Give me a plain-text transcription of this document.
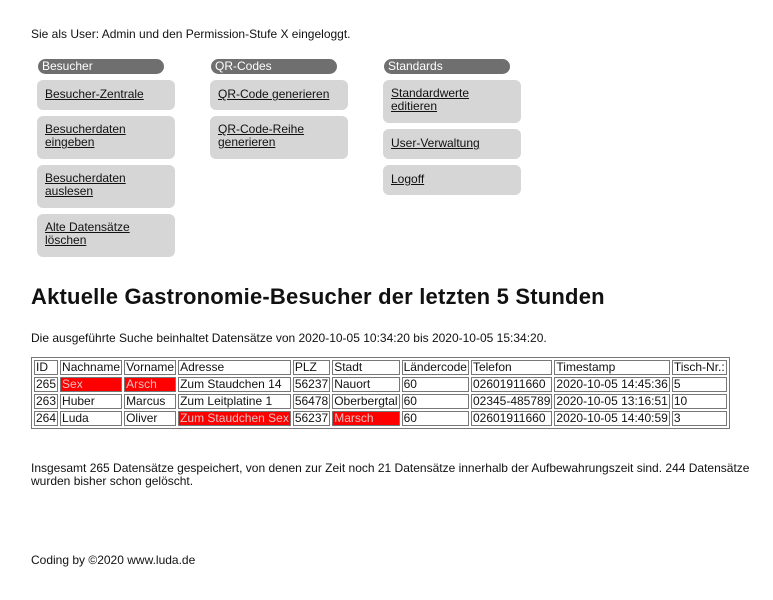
Sie als User: Admin und den Permission-Stufe X eingeloggt.
Besucher
Besucher-Zentrale
Besucherdaten eingeben
Besucherdaten auslesen
Alte Datensätze löschen
QR-Codes
QR-Code generieren
QR-Code-Reihe generieren
Standards
Standardwerte editieren
User-Verwaltung
Logoff
Aktuelle Gastronomie-Besucher der letzten 5 Stunden
Die ausgeführte Suche beinhaltet Datensätze von 2020-10-05 10:34:20 bis 2020-10-05 15:34:20.
ID	Nachname	Vorname	Adresse	PLZ	Stadt	Ländercode	Telefon	Timestamp	Tisch-Nr.:
265	Sex	Arsch	Zum Staudchen 14	56237	Nauort	60	02601911660	2020-10-05 14:45:36	5
263	Huber	Marcus	Zum Leitplatine 1	56478	Oberbergtal	60	02345-485789	2020-10-05 13:16:51	10
264	Luda	Oliver	Zum Staudchen Sex	56237	Marsch	60	02601911660	2020-10-05 14:40:59	3
Insgesamt 265 Datensätze gespeichert, von denen zur Zeit noch 21 Datensätze innerhalb der Aufbewahrungszeit sind. 244 Datensätze wurden bisher schon gelöscht.
Coding by ©2020 www.luda.de
